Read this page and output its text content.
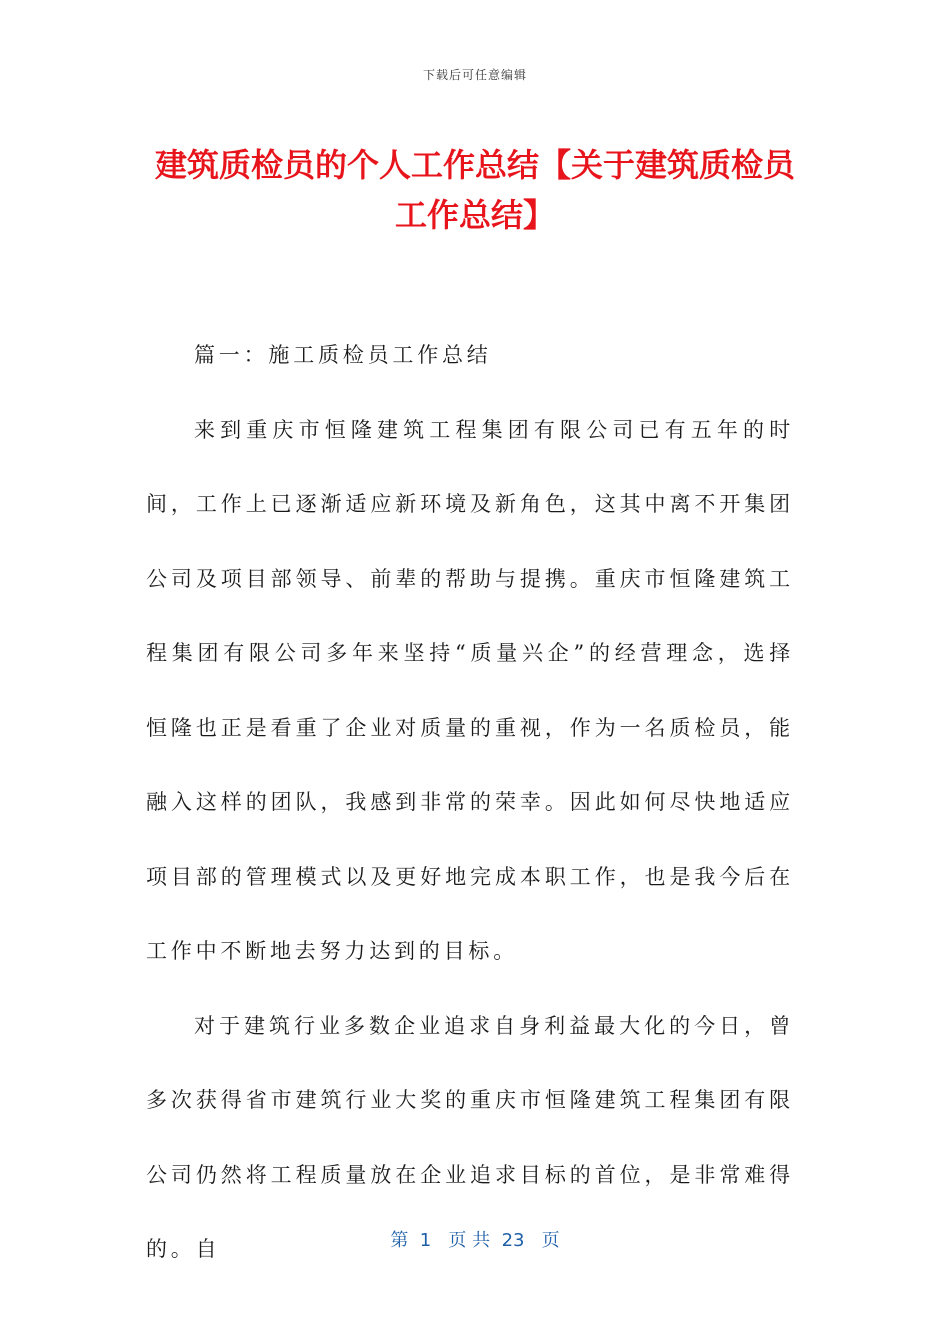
下载后可任意编辑
建筑质检员的个人工作总结【关于建筑质检员工作总结】

篇一：施工质检员工作总结

来到重庆市恒隆建筑工程集团有限公司已有五年的时间，工作上已逐渐适应新环境及新角色，这其中离不开集团公司及项目部领导、前辈的帮助与提携。重庆市恒隆建筑工程集团有限公司多年来坚持“质量兴企”的经营理念，选择恒隆也正是看重了企业对质量的重视，作为一名质检员，能融入这样的团队，我感到非常的荣幸。因此如何尽快地适应项目部的管理模式以及更好地完成本职工作，也是我今后在工作中不断地去努力达到的目标。

对于建筑行业多数企业追求自身利益最大化的今日，曾多次获得省市建筑行业大奖的重庆市恒隆建筑工程集团有限公司仍然将工程质量放在企业追求目标的首位，是非常难得的。自	第  1   页 共  23   页
